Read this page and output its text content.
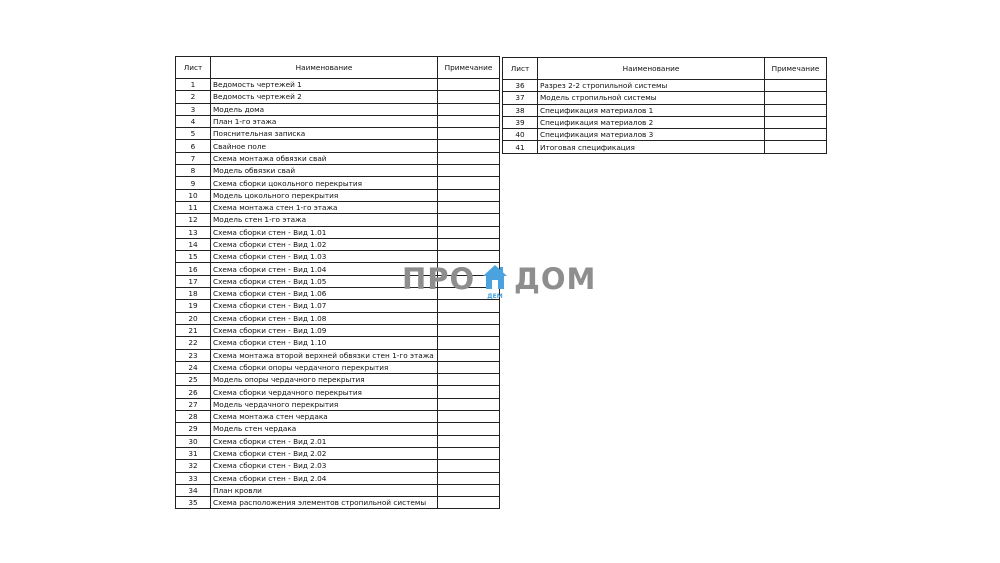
Лист	Наименование	Примечание
1	Ведомость чертежей 1	
2	Ведомость чертежей 2	
3	Модель дома	
4	План 1-го этажа	
5	Пояснительная записка	
6	Свайное поле	
7	Схема монтажа обвязки свай	
8	Модель обвязки свай	
9	Схема сборки цокольного перекрытия	
10	Модель цокольного перекрытия	
11	Схема монтажа стен 1-го этажа	
12	Модель стен 1-го этажа	
13	Схема сборки стен - Вид 1.01	
14	Схема сборки стен - Вид 1.02	
15	Схема сборки стен - Вид 1.03	
16	Схема сборки стен - Вид 1.04	
17	Схема сборки стен - Вид 1.05	
18	Схема сборки стен - Вид 1.06	
19	Схема сборки стен - Вид 1.07	
20	Схема сборки стен - Вид 1.08	
21	Схема сборки стен - Вид 1.09	
22	Схема сборки стен - Вид 1.10	
23	Схема монтажа второй верхней обвязки стен 1-го этажа	
24	Схема сборки опоры чердачного перекрытия	
25	Модель опоры чердачного перекрытия	
26	Схема сборки чердачного перекрытия	
27	Модель чердачного перекрытия	
28	Схема монтажа стен чердака	
29	Модель стен чердака	
30	Схема сборки стен - Вид 2.01	
31	Схема сборки стен - Вид 2.02	
32	Схема сборки стен - Вид 2.03	
33	Схема сборки стен - Вид 2.04	
34	План кровли	
35	Схема расположения элементов стропильной системы	
Лист	Наименование	Примечание
36	Разрез 2-2 стропильной системы	
37	Модель стропильной системы	
38	Спецификация материалов 1	
39	Спецификация материалов 2	
40	Спецификация материалов 3	
41	Итоговая спецификация	
ПРО
ДЕМ
ДОМ
